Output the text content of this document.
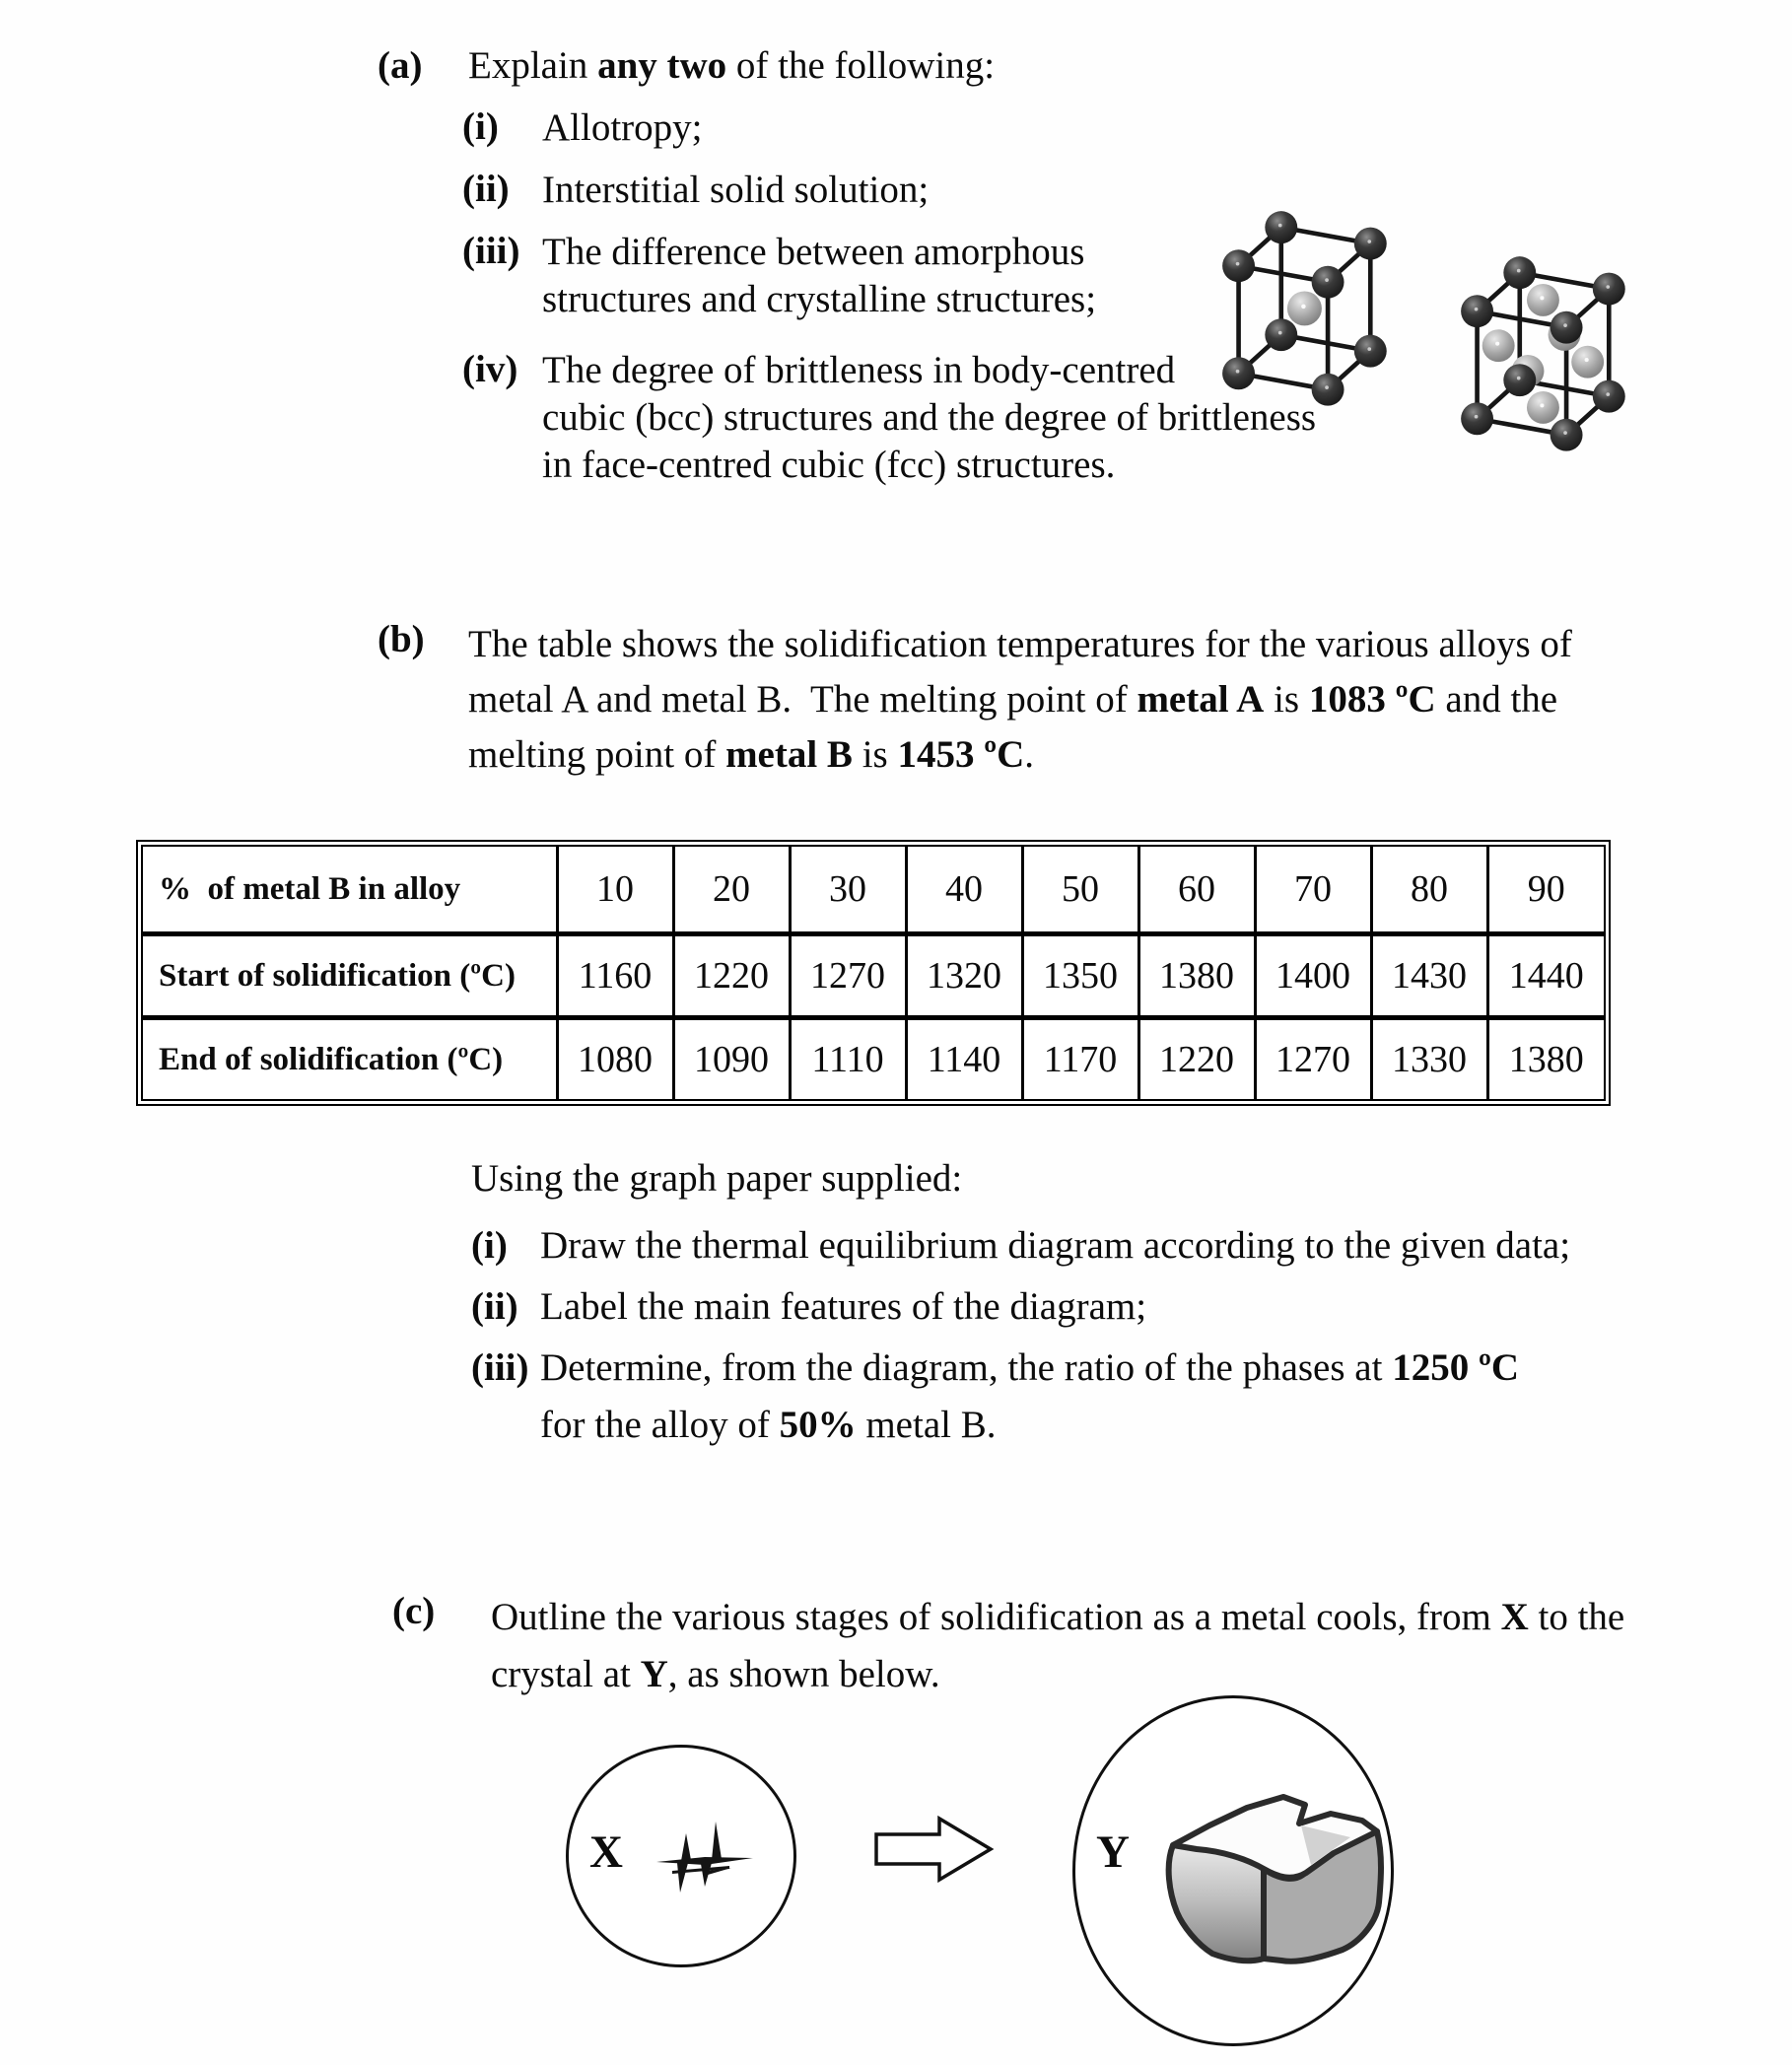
(a)	Explain any two of the following:
(i)	Allotropy;
(ii) Interstitial solid solution;
(iii) The difference between amorphous
structures and crystalline structures;
(iv) The degree of brittleness in body-centred
cubic (bcc) structures and the degree of brittleness
in face-centred cubic (fcc) structures.
(b)	The table shows the solidification temperatures for the various alloys of
metal A and metal B.  The melting point of metal A is 1083 ºC and the
melting point of metal B is 1453 ºC.
%  of metal B in alloy	10	20	30	40	50	60	70	80	90
Start of solidification (ºC)	1160	1220	1270	1320	1350	1380	1400	1430	1440
End of solidification (ºC)	1080	1090	1110	1140	1170	1220	1270	1330	1380
Using the graph paper supplied:
(i) Draw the thermal equilibrium diagram according to the given data;
(ii) Label the main features of the diagram;
(iii) Determine, from the diagram, the ratio of the phases at 1250 ºC
for the alloy of 50% metal B.
(c)	Outline the various stages of solidification as a metal cools, from X to the
crystal at Y, as shown below.
X	Y
